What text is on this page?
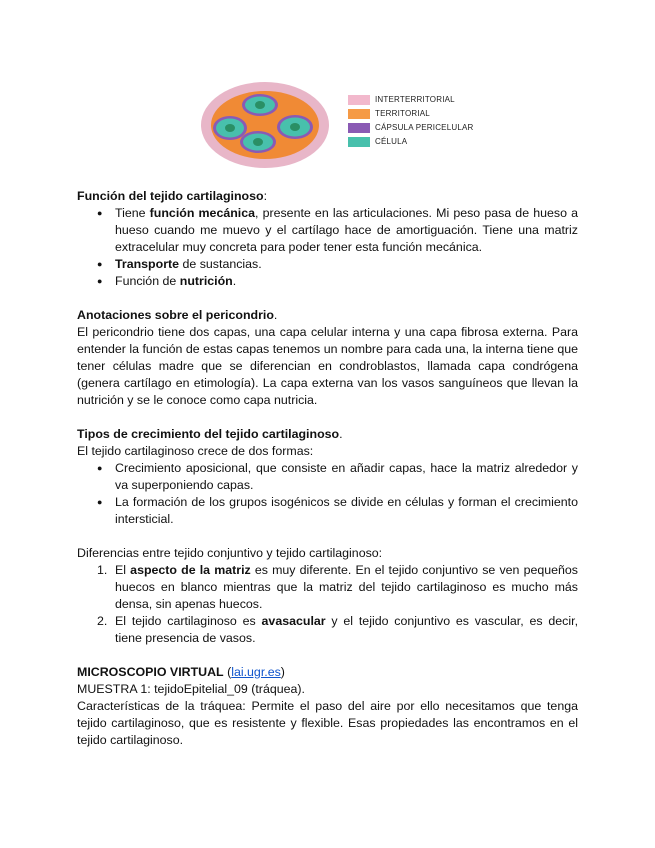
INTERTERRITORIAL
TERRITORIAL
CÁPSULA PERICELULAR
CÉLULA

Función del tejido cartilaginoso:

● Tiene función mecánica, presente en las articulaciones. Mi peso pasa de hueso a hueso cuando me muevo y el cartílago hace de amortiguación. Tiene una matriz extracelular muy concreta para poder tener esta función mecánica.
● Transporte de sustancias.
● Función de nutrición.

Anotaciones sobre el pericondrio.

El pericondrio tiene dos capas, una capa celular interna y una capa fibrosa externa. Para entender la función de estas capas tenemos un nombre para cada una, la interna tiene que tener células madre que se diferencian en condroblastos, llamada capa condrógena (genera cartílago en etimología). La capa externa van los vasos sanguíneos que llevan la nutrición y se le conoce como capa nutricia.

Tipos de crecimiento del tejido cartilaginoso.

El tejido cartilaginoso crece de dos formas:

● Crecimiento aposicional, que consiste en añadir capas, hace la matriz alrededor y va superponiendo capas.
● La formación de los grupos isogénicos se divide en células y forman el crecimiento intersticial.

Diferencias entre tejido conjuntivo y tejido cartilaginoso:

1. El aspecto de la matriz es muy diferente. En el tejido conjuntivo se ven pequeños huecos en blanco mientras que la matriz del tejido cartilaginoso es mucho más densa, sin apenas huecos.
2. El tejido cartilaginoso es avasacular y el tejido conjuntivo es vascular, es decir, tiene presencia de vasos.

MICROSCOPIO VIRTUAL (lai.ugr.es)

MUESTRA 1: tejidoEpitelial_09 (tráquea).

Características de la tráquea: Permite el paso del aire por ello necesitamos que tenga tejido cartilaginoso, que es resistente y flexible. Esas propiedades las encontramos en el tejido cartilaginoso.
